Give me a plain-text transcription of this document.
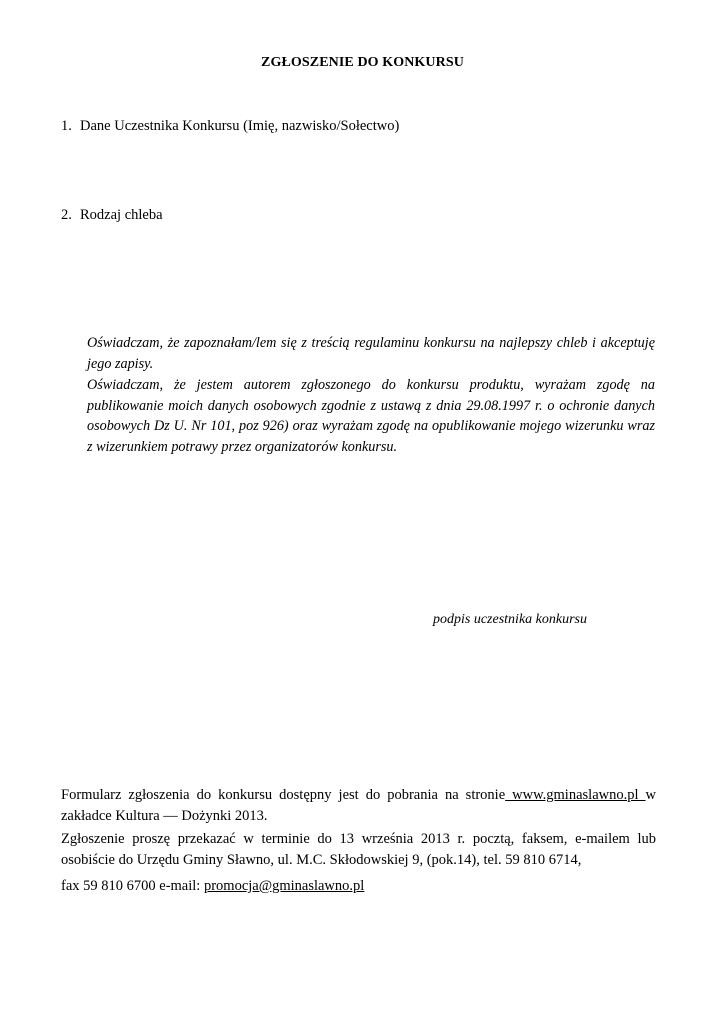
ZGŁOSZENIE DO KONKURSU
1. Dane Uczestnika Konkursu (Imię, nazwisko/Sołectwo)
2. Rodzaj chleba
Oświadczam, że zapoznałam/lem się z treścią regulaminu konkursu na najlepszy chleb i akceptuję jego zapisy.
Oświadczam, że jestem autorem zgłoszonego do konkursu produktu, wyrażam zgodę na publikowanie moich danych osobowych zgodnie z ustawą z dnia 29.08.1997 r. o ochronie danych osobowych Dz U. Nr 101, poz 926) oraz wyrażam zgodę na opublikowanie mojego wizerunku wraz z wizerunkiem potrawy przez organizatorów konkursu.
podpis uczestnika konkursu
Formularz zgłoszenia do konkursu dostępny jest do pobrania na stronie www.gminaslawno.pl w zakładce Kultura — Dożynki 2013.
Zgłoszenie proszę przekazać w terminie do 13 września 2013 r. pocztą, faksem, e-mailem lub osobiście do Urzędu Gminy Sławno, ul. M.C. Skłodowskiej 9, (pok.14), tel. 59 810 6714,
fax 59 810 6700 e-mail: promocja@gminaslawno.pl
